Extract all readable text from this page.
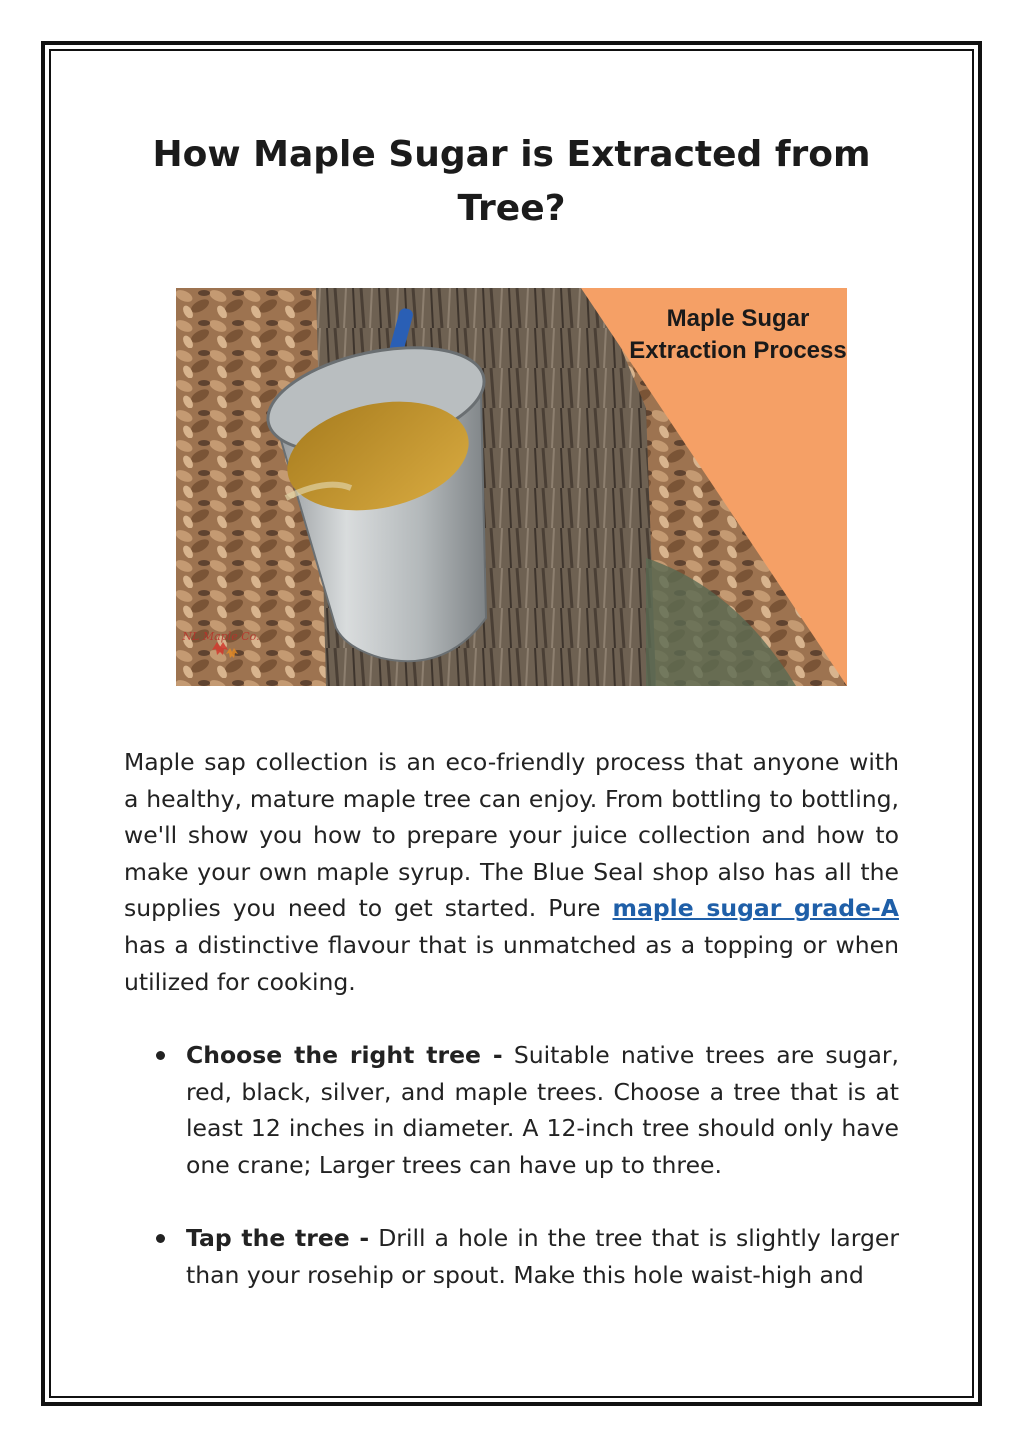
How Maple Sugar is Extracted from Tree?
Maple Sugar
Extraction Process
NL Maple Co.

Maple sap collection is an eco-friendly process that anyone with a healthy, mature maple tree can enjoy. From bottling to bottling, we'll show you how to prepare your juice collection and how to make your own maple syrup. The Blue Seal shop also has all the supplies you need to get started. Pure maple sugar grade-A has a distinctive flavour that is unmatched as a topping or when utilized for cooking.

Choose the right tree - Suitable native trees are sugar, red, black, silver, and maple trees. Choose a tree that is at least 12 inches in diameter. A 12-inch tree should only have one crane; Larger trees can have up to three.
Tap the tree - Drill a hole in the tree that is slightly larger than your rosehip or spout. Make this hole waist-high and
